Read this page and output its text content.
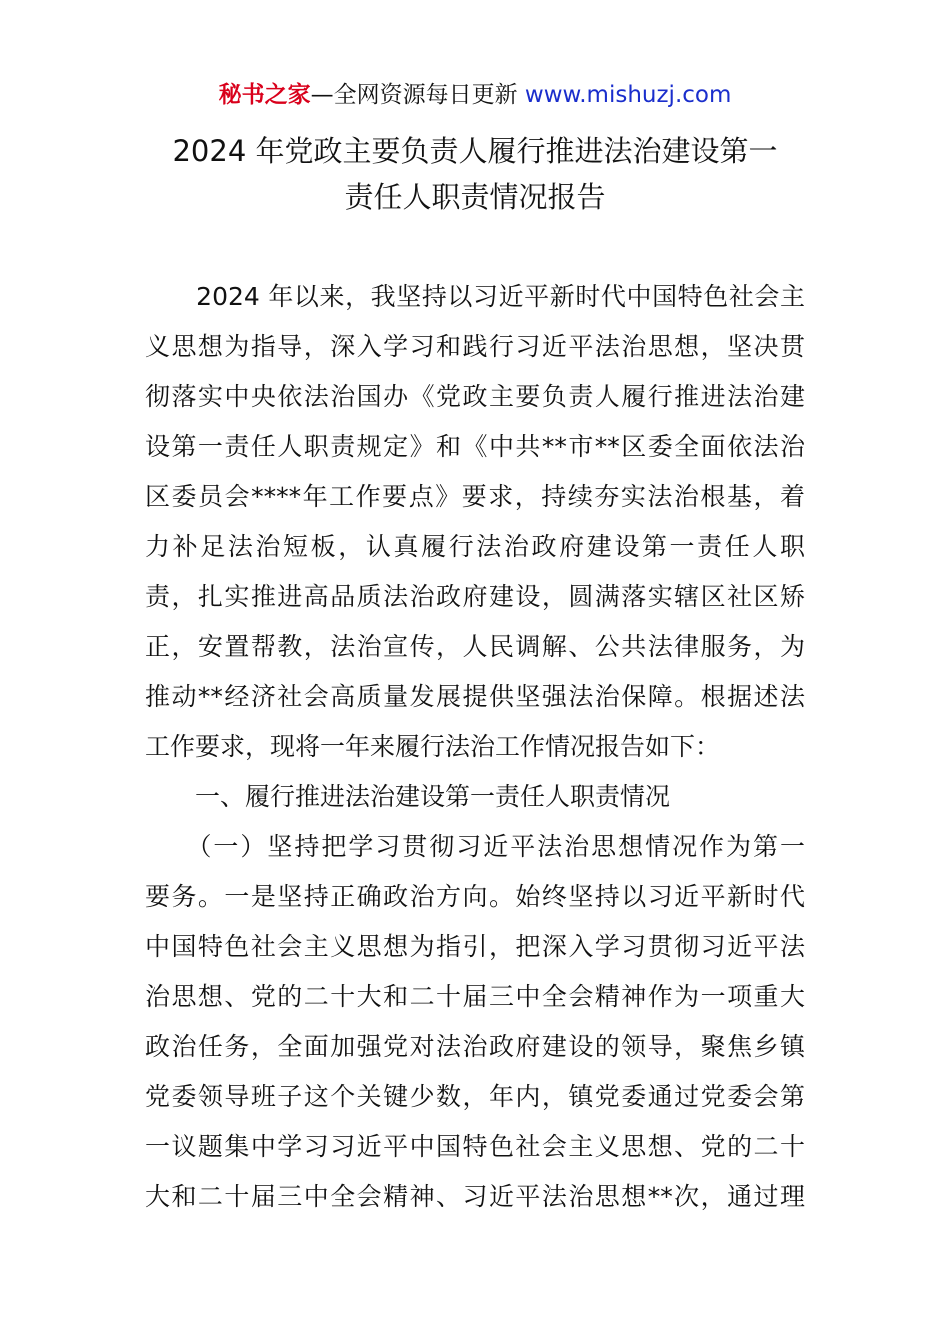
秘书之家—全网资源每日更新 www.mishuzj.com
2024 年党政主要负责人履行推进法治建设第一
责任人职责情况报告
　　2024 年以来，我坚持以习近平新时代中国特色社会主
义思想为指导，深入学习和践行习近平法治思想，坚决贯
彻落实中央依法治国办《党政主要负责人履行推进法治建
设第一责任人职责规定》和《中共**市**区委全面依法治
区委员会****年工作要点》要求，持续夯实法治根基，着
力补足法治短板，认真履行法治政府建设第一责任人职
责，扎实推进高品质法治政府建设，圆满落实辖区社区矫
正，安置帮教，法治宣传，人民调解、公共法律服务，为
推动**经济社会高质量发展提供坚强法治保障。根据述法
工作要求，现将一年来履行法治工作情况报告如下：
　　一、履行推进法治建设第一责任人职责情况
　　（一）坚持把学习贯彻习近平法治思想情况作为第一
要务。一是坚持正确政治方向。始终坚持以习近平新时代
中国特色社会主义思想为指引，把深入学习贯彻习近平法
治思想、党的二十大和二十届三中全会精神作为一项重大
政治任务，全面加强党对法治政府建设的领导，聚焦乡镇
党委领导班子这个关键少数，年内，镇党委通过党委会第
一议题集中学习习近平中国特色社会主义思想、党的二十
大和二十届三中全会精神、习近平法治思想**次，通过理
